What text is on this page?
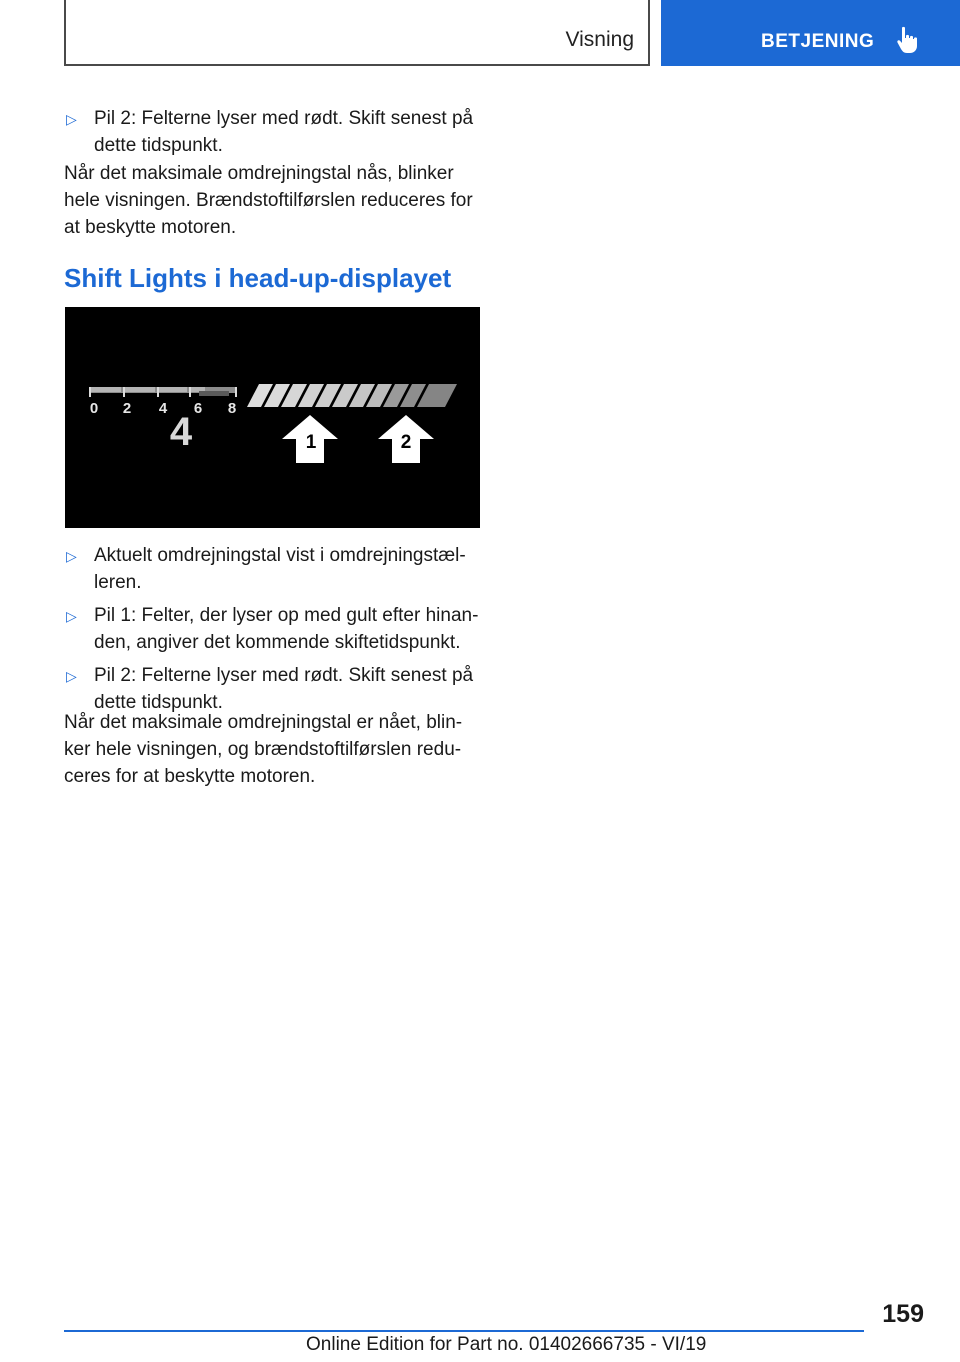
Visning	BETJENING
▷ Pil 2: Felterne lyser med rødt. Skift senest på
dette tidspunkt.
Når det maksimale omdrejningstal nås, blinker
hele visningen. Brændstoftilførslen reduceres for
at beskytte motoren.
Shift Lights i head-up-displayet
0 2 4 6 8
4	1	2
▷ Aktuelt omdrejningstal vist i omdrejningstæl-
leren.
▷ Pil 1: Felter, der lyser op med gult efter hinan-
den, angiver det kommende skiftetidspunkt.
▷ Pil 2: Felterne lyser med rødt. Skift senest på
dette tidspunkt.
Når det maksimale omdrejningstal er nået, blin-
ker hele visningen, og brændstoftilførslen redu-
ceres for at beskytte motoren.
159
Online Edition for Part no. 01402666735 - VI/19
